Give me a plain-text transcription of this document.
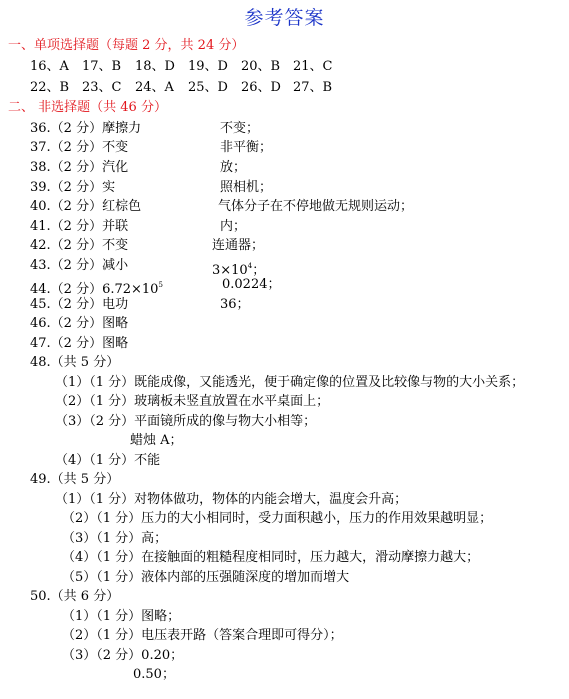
参考答案
一、单项选择题（每题 2 分，共 24 分）
16、A 17、B 18、D 19、D 20、B 21、C
22、B 23、C 24、A 25、D 26、D 27、B
二、 非选择题（共 46 分）
36.（2 分）摩擦力	不变；
37.（2 分）不变	非平衡；
38.（2 分）汽化	放；
39.（2 分）实	照相机；
40.（2 分）红棕色	气体分子在不停地做无规则运动；
41.（2 分）并联	内；
42.（2 分）不变	连通器；
43.（2 分）减小	$3\times 10^4$；
44.（2 分）$6.72\times 10^5$	0.0224；
45.（2 分）电功	36；
46.（2 分）图略
47.（2 分）图略
48.（共 5 分）
（1）（1 分）既能成像，又能透光，便于确定像的位置及比较像与物的大小关系；
（2）（1 分）玻璃板未竖直放置在水平桌面上；
（3）（2 分）平面镜所成的像与物大小相等；
蜡烛 A；
（4）（1 分）不能
49.（共 5 分）
（1）（1 分）对物体做功，物体的内能会增大，温度会升高；
（2）（1 分）压力的大小相同时，受力面积越小，压力的作用效果越明显；
（3）（1 分）高；
（4）（1 分）在接触面的粗糙程度相同时，压力越大，滑动摩擦力越大；
（5）（1 分）液体内部的压强随深度的增加而增大
50.（共 6 分）
（1）（1 分）图略；
（2）（1 分）电压表开路（答案合理即可得分）；
（3）（2 分）0.20；
0.50；
